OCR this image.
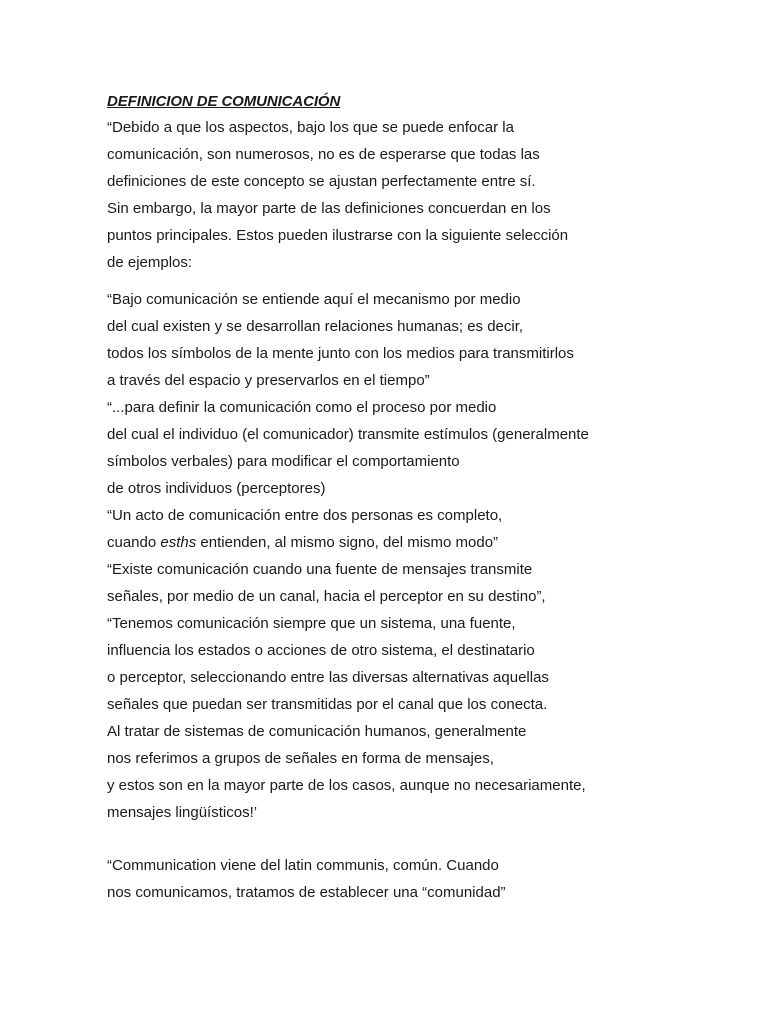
DEFINICION DE COMUNICACIÓN
“Debido a que los aspectos, bajo los que se puede enfocar la
comunicación, son numerosos, no es de esperarse que todas las
definiciones de este concepto se ajustan perfectamente entre sí.
Sin embargo, la mayor parte de las definiciones concuerdan en los
puntos principales. Estos pueden ilustrarse con la siguiente selección
de ejemplos:
“Bajo comunicación se entiende aquí el mecanismo por medio
del cual existen y se desarrollan relaciones humanas; es decir,
todos los símbolos de la mente junto con los medios para transmitirlos
a través del espacio y preservarlos en el tiempo”
“...para definir la comunicación como el proceso por medio
del cual el individuo (el comunicador) transmite estímulos (generalmente
símbolos verbales) para modificar el comportamiento
de otros individuos (perceptores)
“Un acto de comunicación entre dos personas es completo,
cuando esths entienden, al mismo signo, del mismo modo”
“Existe comunicación cuando una fuente de mensajes transmite
señales, por medio de un canal, hacia el perceptor en su destino”,
“Tenemos comunicación siempre que un sistema, una fuente,
influencia los estados o acciones de otro sistema, el destinatario
o perceptor, seleccionando entre las diversas alternativas aquellas
señales que puedan ser transmitidas por el canal que los conecta.
Al tratar de sistemas de comunicación humanos, generalmente
nos referimos a grupos de señales en forma de mensajes,
y estos son en la mayor parte de los casos, aunque no necesariamente,
mensajes lingüísticos!’
“Communication viene del latin communis, común. Cuando
nos comunicamos, tratamos de establecer una “comunidad”
